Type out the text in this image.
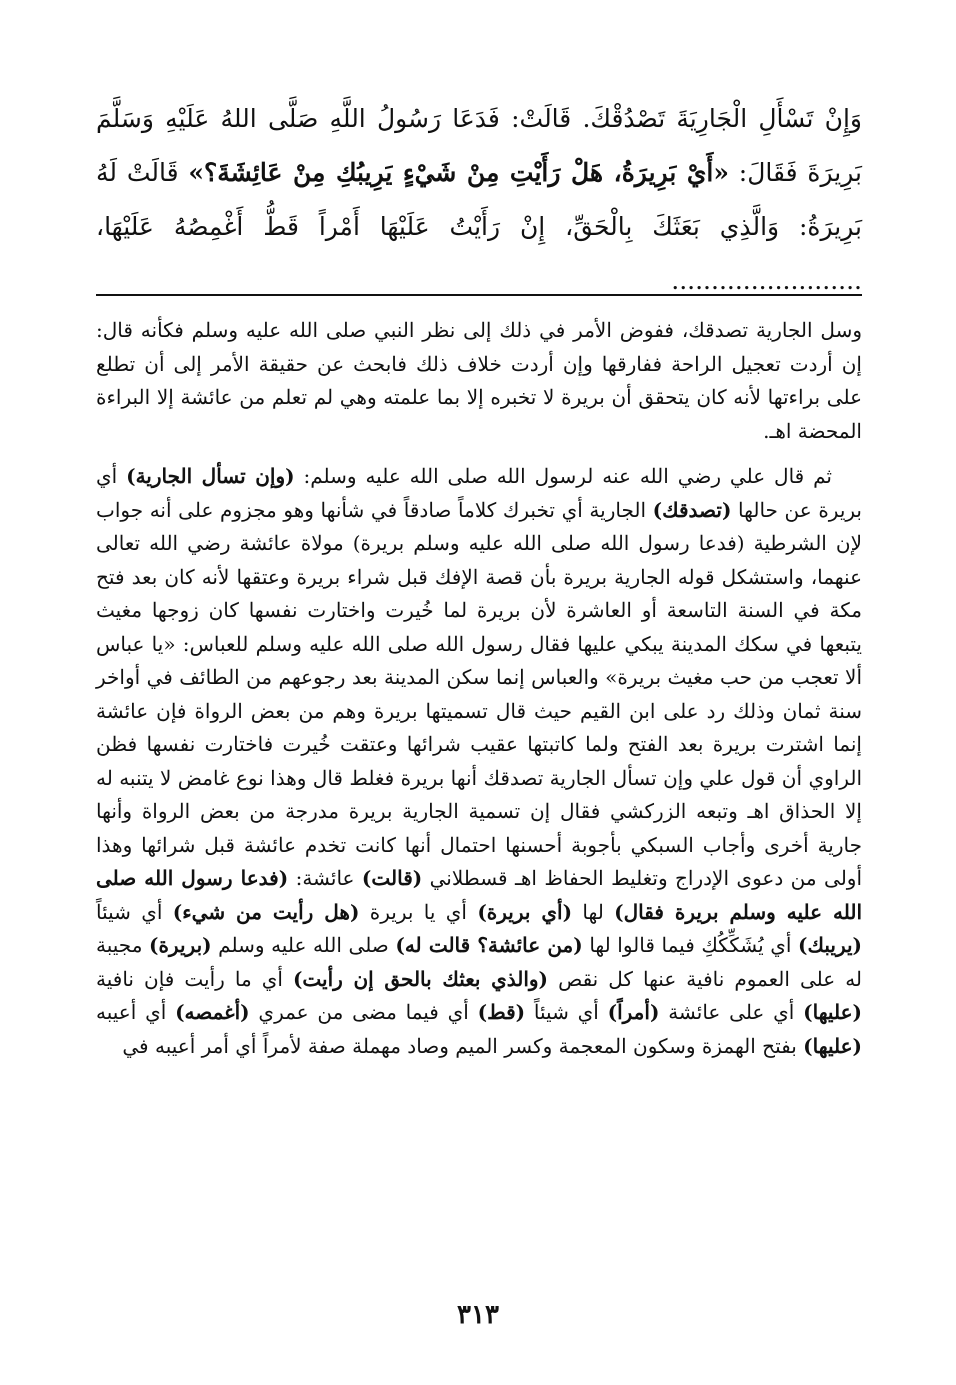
وَإِنْ تَسْأَلِ الْجَارِيَةَ تَصْدُقْكَ. قَالَتْ: فَدَعَا رَسُولُ اللَّهِ صَلَّى اللهُ عَلَيْهِ وَسَلَّمَ بَرِيرَةَ فَقَالَ: «أَيْ بَرِيرَةُ، هَلْ رَأَيْتِ مِنْ شَيْءٍ يَرِيبُكِ مِنْ عَائِشَةَ؟» قَالَتْ لَهُ بَرِيرَةُ: وَالَّذِي بَعَثَكَ بِالْحَقِّ، إِنْ رَأَيْتُ عَلَيْهَا أَمْراً قَطُّ أَغْمِصُهُ عَلَيْهَا، ........................

وسل الجارية تصدقك، ففوض الأمر في ذلك إلى نظر النبي صلى الله عليه وسلم فكأنه قال: إن أردت تعجيل الراحة ففارقها وإن أردت خلاف ذلك فابحث عن حقيقة الأمر إلى أن تطلع على براءتها لأنه كان يتحقق أن بريرة لا تخبره إلا بما علمته وهي لم تعلم من عائشة إلا البراءة المحضة اهـ.

ثم قال علي رضي الله عنه لرسول الله صلى الله عليه وسلم: (وإن تسأل الجارية) أي بريرة عن حالها (تصدقك) الجارية أي تخبرك كلاماً صادقاً في شأنها وهو مجزوم على أنه جواب لإن الشرطية (فدعا رسول الله صلى الله عليه وسلم بريرة) مولاة عائشة رضي الله تعالى عنهما، واستشكل قوله الجارية بريرة بأن قصة الإفك قبل شراء بريرة وعتقها لأنه كان بعد فتح مكة في السنة التاسعة أو العاشرة لأن بريرة لما خُيرت واختارت نفسها كان زوجها مغيث يتبعها في سكك المدينة يبكي عليها فقال رسول الله صلى الله عليه وسلم للعباس: «يا عباس ألا تعجب من حب مغيث بريرة» والعباس إنما سكن المدينة بعد رجوعهم من الطائف في أواخر سنة ثمان وذلك رد على ابن القيم حيث قال تسميتها بريرة وهم من بعض الرواة فإن عائشة إنما اشترت بريرة بعد الفتح ولما كاتبتها عقيب شرائها وعتقت خُيرت فاختارت نفسها فظن الراوي أن قول علي وإن تسأل الجارية تصدقك أنها بريرة فغلط قال وهذا نوع غامض لا يتنبه له إلا الحذاق اهـ وتبعه الزركشي فقال إن تسمية الجارية بريرة مدرجة من بعض الرواة وأنها جارية أخرى وأجاب السبكي بأجوبة أحسنها احتمال أنها كانت تخدم عائشة قبل شرائها وهذا أولى من دعوى الإدراج وتغليط الحفاظ اهـ قسطلاني (قالت) عائشة: (فدعا رسول الله صلى الله عليه وسلم بريرة فقال) لها (أي بريرة) أي يا بريرة (هل رأيت من شيء) أي شيئاً (يريبك) أي يُشَكِّكُكِ فيما قالوا لها (من عائشة؟ قالت له) صلى الله عليه وسلم (بريرة) مجيبة له على العموم نافية عنها كل نقص (والذي بعثك بالحق إن رأيت) أي ما رأيت فإن نافية (عليها) أي على عائشة (أمراً) أي شيئاً (قط) أي فيما مضى من عمري (أغمصه) أي أعيبه (عليها) بفتح الهمزة وسكون المعجمة وكسر الميم وصاد مهملة صفة لأمراً أي أمر أعيبه في

٣١٣
